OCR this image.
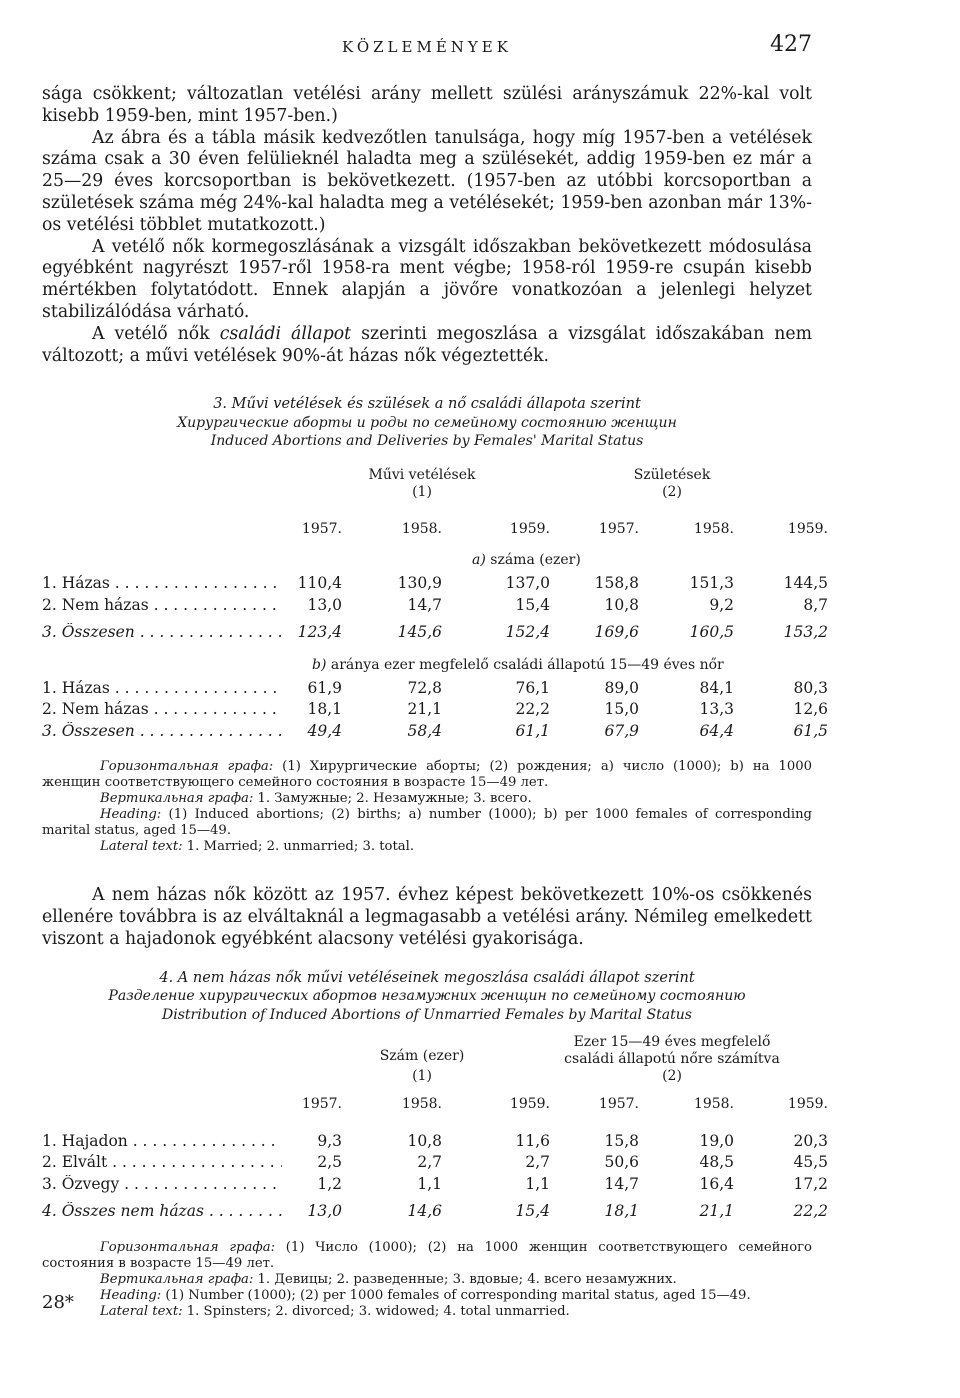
KÖZLEMÉNYEK	427

sága csökkent; változatlan vetélési arány mellett szülési arányszámuk 22%-kal volt kisebb 1959-ben, mint 1957-ben.)

Az ábra és a tábla másik kedvezőtlen tanulsága, hogy míg 1957-ben a vetélések száma csak a 30 éven felülieknél haladta meg a szülésekét, addig 1959-ben ez már a 25—29 éves korcsoportban is bekövetkezett. (1957-ben az utóbbi korcsoportban a születések száma még 24%-kal haladta meg a vetélésekét; 1959-ben azonban már 13%-os vetélési többlet mutatkozott.)

A vetélő nők kormegoszlásának a vizsgált időszakban bekövetkezett módosulása egyébként nagyrészt 1957-ről 1958-ra ment végbe; 1958-ról 1959-re csupán kisebb mértékben folytatódott. Ennek alapján a jövőre vonatkozóan a jelenlegi helyzet stabilizálódása várható.

A vetélő nők családi állapot szerinti megoszlása a vizsgálat időszakában nem változott; a művi vetélések 90%-át házas nők végeztették.

3. Művi vetélések és szülések a nő családi állapota szerint

Хирургические аборты и роды по семейному состоянию женщин

Induced Abortions and Deliveries by Females' Marital Status

Művi vetélések
(1)
Születések
(2)
1957.	1958.	1959.	1957.	1958.	1959.
a) száma (ezer)
1. Házas . . .	110,4	130,9	137,0	158,8	151,3	144,5
2. Nem házas . . .	13,0	14,7	15,4	10,8	9,2	8,7
3. Összesen . . .	123,4	145,6	152,4	169,6	160,5	153,2
b) aránya ezer megfelelő családi állapotú 15—49 éves nőr
1. Házas . . .	61,9	72,8	76,1	89,0	84,1	80,3
2. Nem házas . . .	18,1	21,1	22,2	15,0	13,3	12,6
3. Összesen . . .	49,4	58,4	61,1	67,9	64,4	61,5

Горизонтальная графа: (1) Хирургические аборты; (2) рождения; а) число (1000); b) на 1000 женщин соответствующего семейного состояния в возрасте 15—49 лет.

Вертикальная графа: 1. Замужные; 2. Незамужные; 3. всего.

Heading: (1) Induced abortions; (2) births; a) number (1000); b) per 1000 females of corresponding marital status, aged 15—49.

Lateral text: 1. Married; 2. unmarried; 3. total.

A nem házas nők között az 1957. évhez képest bekövetkezett 10%-os csökkenés ellenére továbbra is az elváltaknál a legmagasabb a vetélési arány. Némileg emelkedett viszont a hajadonok egyébként alacsony vetélési gyakorisága.

4. A nem házas nők művi vetéléseinek megoszlása családi állapot szerint

Разделение хирургических абортов незамужних женщин по семейному состоянию

Distribution of Induced Abortions of Unmarried Females by Marital Status

Szám (ezer)
(1)
Ezer 15—49 éves megfelelő
családi állapotú nőre számítva
(2)
1957.	1958.	1959.	1957.	1958.	1959.
1. Hajadon . . .	9,3	10,8	11,6	15,8	19,0	20,3
2. Elvált . . .	2,5	2,7	2,7	50,6	48,5	45,5
3. Özvegy . . .	1,2	1,1	1,1	14,7	16,4	17,2
4. Összes nem házas . . .	13,0	14,6	15,4	18,1	21,1	22,2

Горизонтальная графа: (1) Число (1000); (2) на 1000 женщин соответствующего семейного состояния в возрасте 15—49 лет.

Вертикальная графа: 1. Девицы; 2. разведенные; 3. вдовые; 4. всего незамужних.

Heading: (1) Number (1000); (2) per 1000 females of corresponding marital status, aged 15—49.

Lateral text: 1. Spinsters; 2. divorced; 3. widowed; 4. total unmarried.

28*
